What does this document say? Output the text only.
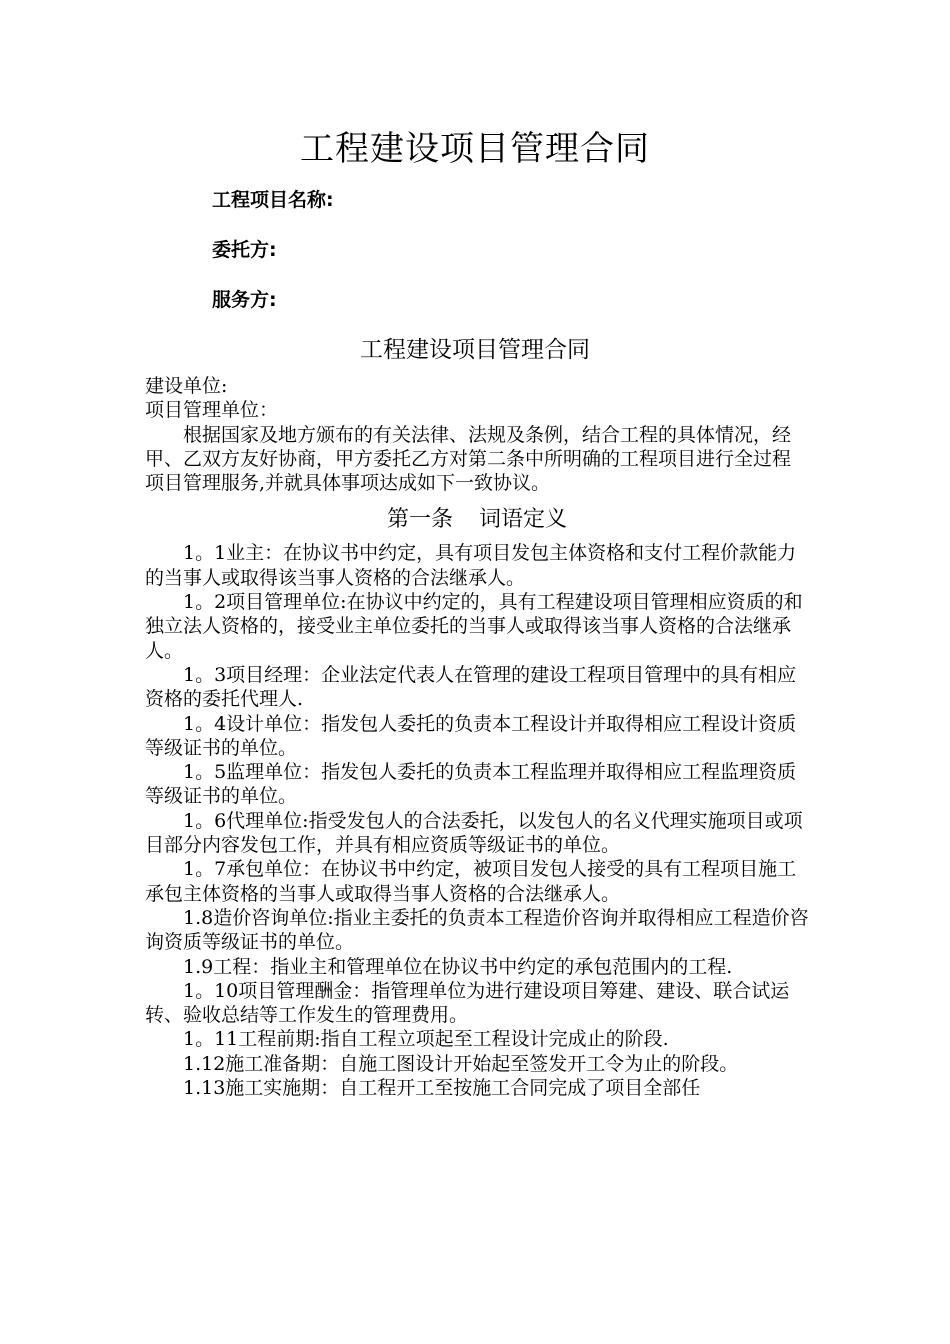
工程建设项目管理合同
工程项目名称:
委托方:
服务方:
工程建设项目管理合同

建设单位:

项目管理单位：

根据国家及地方颁布的有关法律、法规及条例，结合工程的具体情况，经甲、乙双方友好协商，甲方委托乙方对第二条中所明确的工程项目进行全过程项目管理服务,并就具体事项达成如下一致协议。

第一条 词语定义

1。1业主：在协议书中约定，具有项目发包主体资格和支付工程价款能力的当事人或取得该当事人资格的合法继承人。

1。2项目管理单位:在协议中约定的，具有工程建设项目管理相应资质的和独立法人资格的，接受业主单位委托的当事人或取得该当事人资格的合法继承人。

1。3项目经理：企业法定代表人在管理的建设工程项目管理中的具有相应资格的委托代理人.

1。4设计单位：指发包人委托的负责本工程设计并取得相应工程设计资质等级证书的单位。

1。5监理单位：指发包人委托的负责本工程监理并取得相应工程监理资质等级证书的单位。

1。6代理单位:指受发包人的合法委托，以发包人的名义代理实施项目或项目部分内容发包工作，并具有相应资质等级证书的单位。

1。7承包单位：在协议书中约定，被项目发包人接受的具有工程项目施工承包主体资格的当事人或取得当事人资格的合法继承人。

1.8造价咨询单位:指业主委托的负责本工程造价咨询并取得相应工程造价咨询资质等级证书的单位。

1.9工程：指业主和管理单位在协议书中约定的承包范围内的工程.

1。10项目管理酬金：指管理单位为进行建设项目筹建、建设、联合试运转、验收总结等工作发生的管理费用。

1。11工程前期:指自工程立项起至工程设计完成止的阶段.

1.12施工准备期：自施工图设计开始起至签发开工令为止的阶段。

1.13施工实施期：自工程开工至按施工合同完成了项目全部任
